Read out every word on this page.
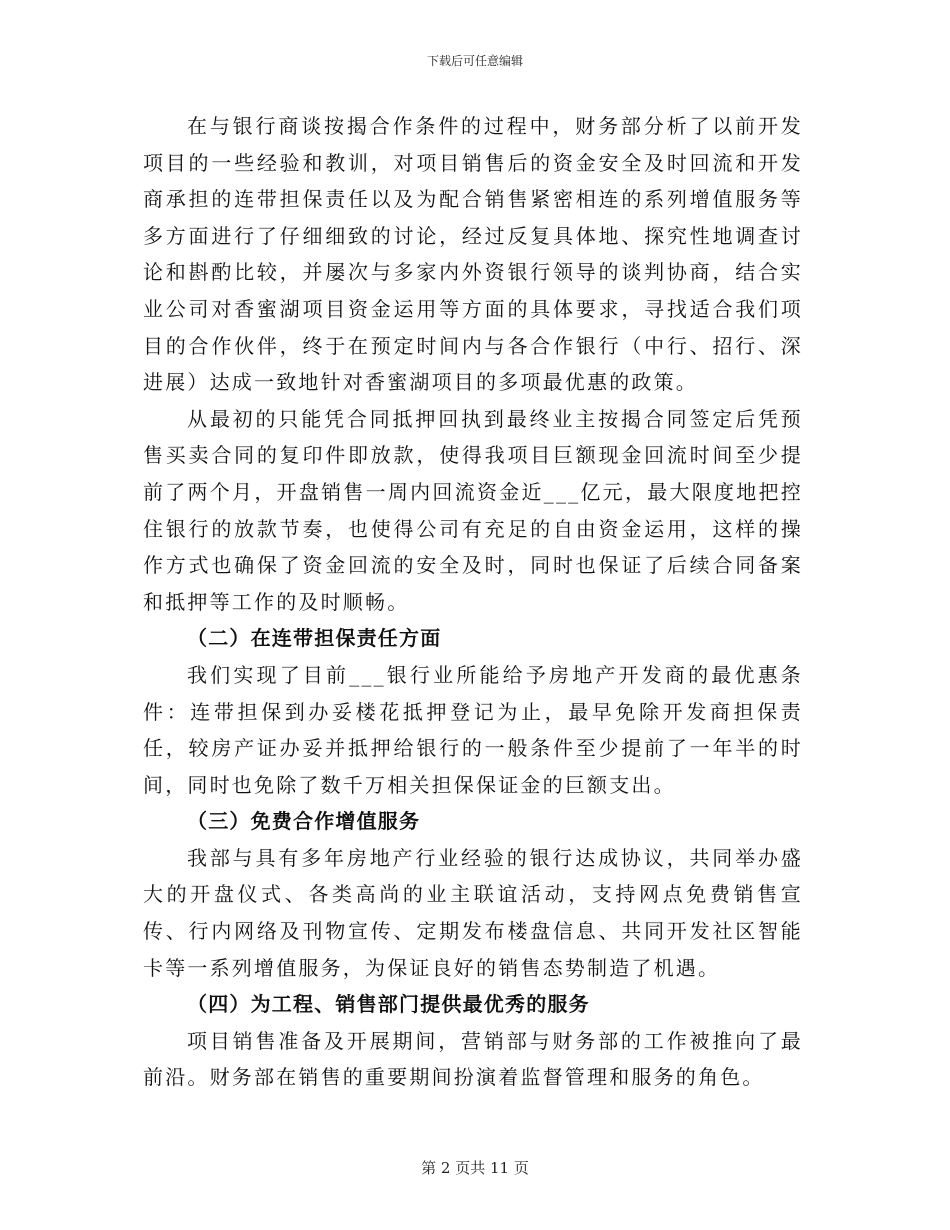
下载后可任意编辑

在与银行商谈按揭合作条件的过程中，财务部分析了以前开发项目的一些经验和教训，对项目销售后的资金安全及时回流和开发商承担的连带担保责任以及为配合销售紧密相连的系列增值服务等多方面进行了仔细细致的讨论，经过反复具体地、探究性地调查讨论和斟酌比较，并屡次与多家内外资银行领导的谈判协商，结合实业公司对香蜜湖项目资金运用等方面的具体要求，寻找适合我们项目的合作伙伴，终于在预定时间内与各合作银行（中行、招行、深进展）达成一致地针对香蜜湖项目的多项最优惠的政策。

从最初的只能凭合同抵押回执到最终业主按揭合同签定后凭预售买卖合同的复印件即放款，使得我项目巨额现金回流时间至少提前了两个月，开盘销售一周内回流资金近___亿元，最大限度地把控住银行的放款节奏，也使得公司有充足的自由资金运用，这样的操作方式也确保了资金回流的安全及时，同时也保证了后续合同备案和抵押等工作的及时顺畅。

（二）在连带担保责任方面

我们实现了目前___银行业所能给予房地产开发商的最优惠条件：连带担保到办妥楼花抵押登记为止，最早免除开发商担保责任，较房产证办妥并抵押给银行的一般条件至少提前了一年半的时间，同时也免除了数千万相关担保保证金的巨额支出。

（三）免费合作增值服务

我部与具有多年房地产行业经验的银行达成协议，共同举办盛大的开盘仪式、各类高尚的业主联谊活动，支持网点免费销售宣传、行内网络及刊物宣传、定期发布楼盘信息、共同开发社区智能卡等一系列增值服务，为保证良好的销售态势制造了机遇。

（四）为工程、销售部门提供最优秀的服务

项目销售准备及开展期间，营销部与财务部的工作被推向了最前沿。财务部在销售的重要期间扮演着监督管理和服务的角色。

第 2 页共 11 页
